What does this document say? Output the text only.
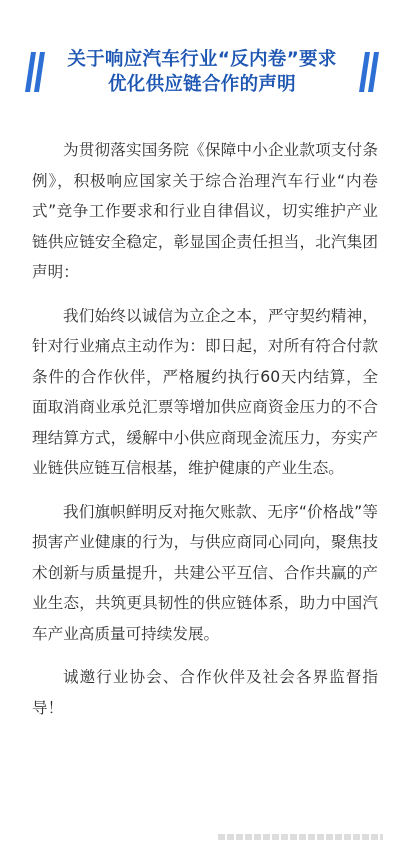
关于响应汽车行业“反内卷”要求
优化供应链合作的声明

为贯彻落实国务院《保障中小企业款项支付条例》，积极响应国家关于综合治理汽车行业“内卷式”竞争工作要求和行业自律倡议，切实维护产业链供应链安全稳定，彰显国企责任担当，北汽集团声明：

我们始终以诚信为立企之本，严守契约精神，针对行业痛点主动作为：即日起，对所有符合付款条件的合作伙伴，严格履约执行60天内结算，全面取消商业承兑汇票等增加供应商资金压力的不合理结算方式，缓解中小供应商现金流压力，夯实产业链供应链互信根基，维护健康的产业生态。

我们旗帜鲜明反对拖欠账款、无序“价格战”等损害产业健康的行为，与供应商同心同向，聚焦技术创新与质量提升，共建公平互信、合作共赢的产业生态，共筑更具韧性的供应链体系，助力中国汽车产业高质量可持续发展。

诚邀行业协会、合作伙伴及社会各界监督指导！
